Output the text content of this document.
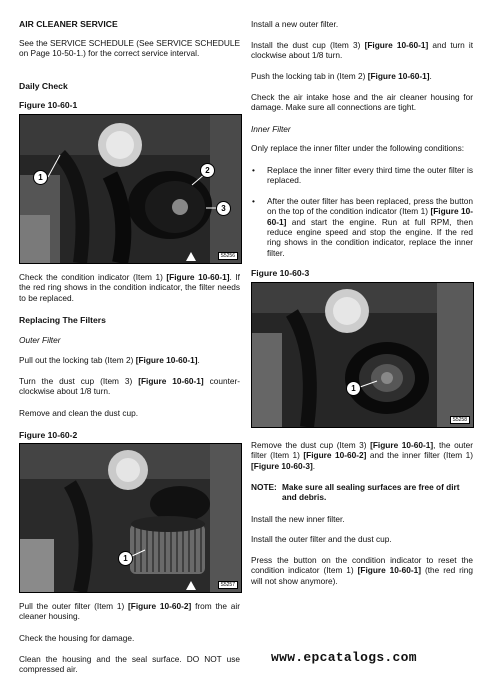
AIR CLEANER SERVICE

See the SERVICE SCHEDULE (See SERVICE SCHEDULE on Page 10-50-1.) for the correct service interval.

Daily Check

Figure 10-60-1

1
2
3
S5256

Check the condition indicator (Item 1) [Figure 10-60-1]. If the red ring shows in the condition indicator, the filter needs to be replaced.

Replacing The Filters

Outer Filter

Pull out the locking tab (Item 2) [Figure 10-60-1].

Turn the dust cup (Item 3) [Figure 10-60-1] counter-clockwise about 1/8 turn.

Remove and clean the dust cup.

Figure 10-60-2

1
S5257

Pull the outer filter (Item 1) [Figure 10-60-2] from the air cleaner housing.

Check the housing for damage.

Clean the housing and the seal surface. DO NOT use compressed air.

Install a new outer filter.

Install the dust cup (Item 3) [Figure 10-60-1] and turn it clockwise about 1/8 turn.

Push the locking tab in (Item 2) [Figure 10-60-1].

Check the air intake hose and the air cleaner housing for damage. Make sure all connections are tight.

Inner Filter

Only replace the inner filter under the following conditions:

• Replace the inner filter every third time the outer filter is replaced.
• After the outer filter has been replaced, press the button on the top of the condition indicator (Item 1) [Figure 10-60-1] and start the engine. Run at full RPM, then reduce engine speed and stop the engine. If the red ring shows in the condition indicator, replace the inner filter.

Figure 10-60-3

1
S5258

Remove the dust cup (Item 3) [Figure 10-60-1], the outer filter (Item 1) [Figure 10-60-2] and the inner filter (Item 1) [Figure 10-60-3].

NOTE: Make sure all sealing surfaces are free of dirt and debris.

Install the new inner filter.

Install the outer filter and the dust cup.

Press the button on the condition indicator to reset the condition indicator (Item 1) [Figure 10-60-1] (the red ring will not show anymore).

www.epcatalogs.com
